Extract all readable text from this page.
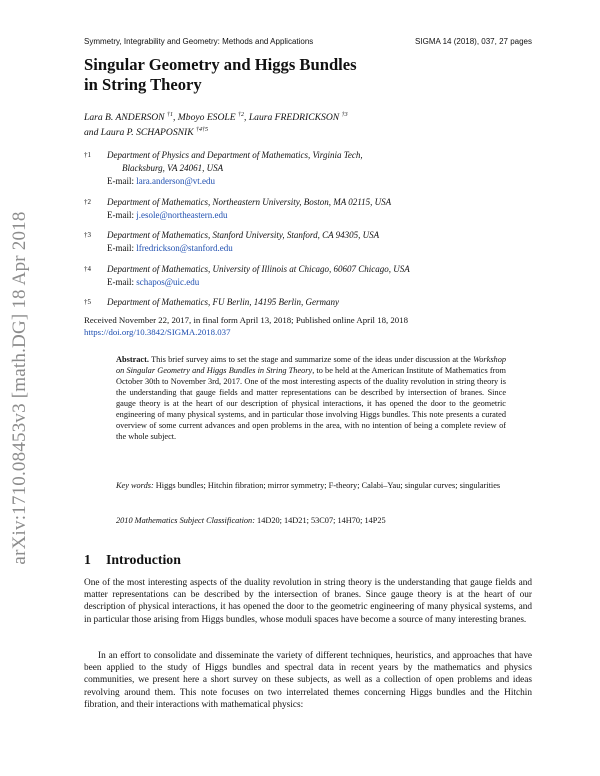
arXiv:1710.08453v3 [math.DG] 18 Apr 2018
Symmetry, Integrability and Geometry: Methods and Applications	SIGMA 14 (2018), 037, 27 pages
Singular Geometry and Higgs Bundles
in String Theory
Lara B. ANDERSON $^{\dagger 1}$, Mboyo ESOLE $^{\dagger 2}$, Laura FREDRICKSON $^{\dagger 3}$
and Laura P. SCHAPOSNIK $^{\dagger 4\dagger 5}$
†1 Department of Physics and Department of Mathematics, Virginia Tech,
Blacksburg, VA 24061, USA
E-mail: lara.anderson@vt.edu
†2 Department of Mathematics, Northeastern University, Boston, MA 02115, USA
E-mail: j.esole@northeastern.edu
†3 Department of Mathematics, Stanford University, Stanford, CA 94305, USA
E-mail: lfredrickson@stanford.edu
†4 Department of Mathematics, University of Illinois at Chicago, 60607 Chicago, USA
E-mail: schapos@uic.edu
†5 Department of Mathematics, FU Berlin, 14195 Berlin, Germany
Received November 22, 2017, in final form April 13, 2018; Published online April 18, 2018
https://doi.org/10.3842/SIGMA.2018.037
Abstract. This brief survey aims to set the stage and summarize some of the ideas under discussion at the Workshop on Singular Geometry and Higgs Bundles in String Theory, to be held at the American Institute of Mathematics from October 30th to November 3rd, 2017. One of the most interesting aspects of the duality revolution in string theory is the understanding that gauge fields and matter representations can be described by intersection of branes. Since gauge theory is at the heart of our description of physical interactions, it has opened the door to the geometric engineering of many physical systems, and in particular those involving Higgs bundles. This note presents a curated overview of some current advances and open problems in the area, with no intention of being a complete review of the whole subject.
Key words: Higgs bundles; Hitchin fibration; mirror symmetry; F-theory; Calabi–Yau; singular curves; singularities
2010 Mathematics Subject Classification: 14D20; 14D21; 53C07; 14H70; 14P25
1 Introduction

One of the most interesting aspects of the duality revolution in string theory is the understanding that gauge fields and matter representations can be described by the intersection of branes. Since gauge theory is at the heart of our description of physical interactions, it has opened the door to the geometric engineering of many physical systems, and in particular those arising from Higgs bundles, whose moduli spaces have become a source of many interesting branes.

In an effort to consolidate and disseminate the variety of different techniques, heuristics, and approaches that have been applied to the study of Higgs bundles and spectral data in recent years by the mathematics and physics communities, we present here a short survey on these subjects, as well as a collection of open problems and ideas revolving around them. This note focuses on two interrelated themes concerning Higgs bundles and the Hitchin fibration, and their interactions with mathematical physics:
